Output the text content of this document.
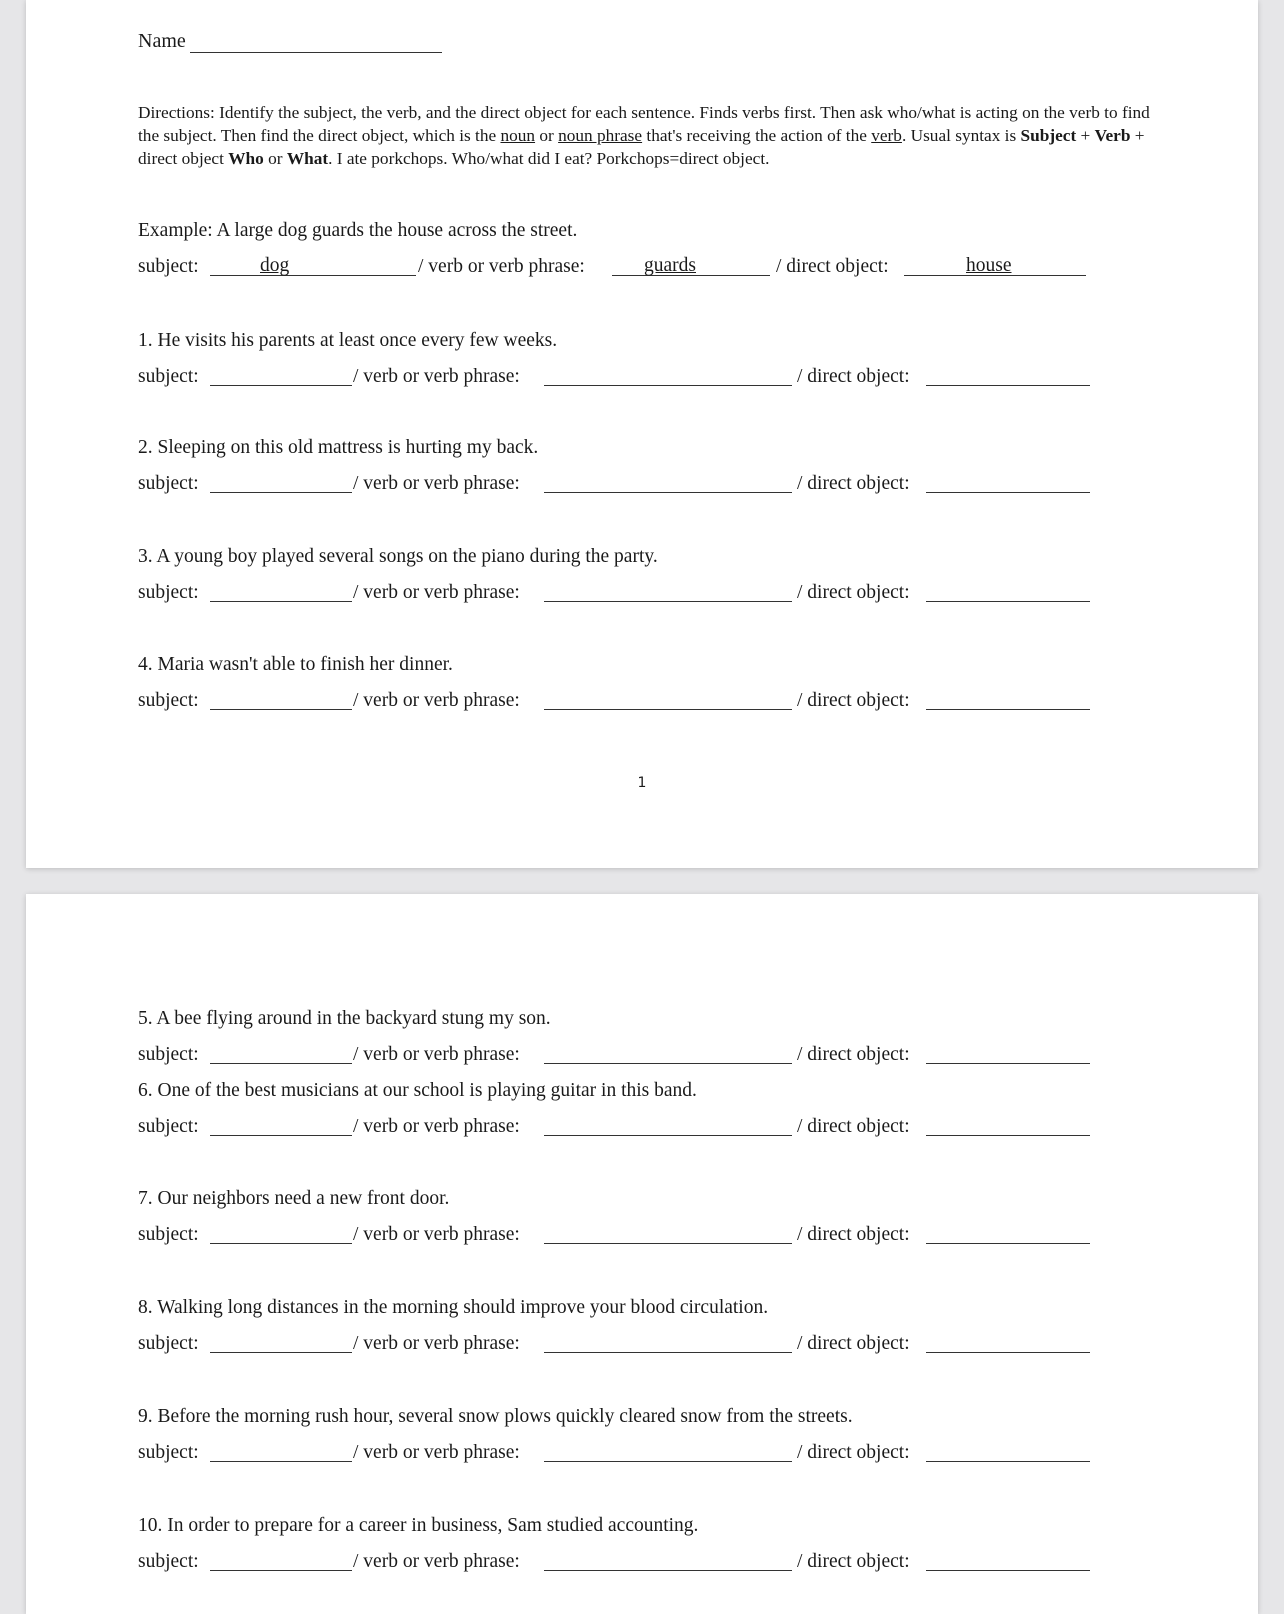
Name
Directions: Identify the subject, the verb, and the direct object for each sentence. Finds verbs first. Then ask who/what is acting on the verb to find the subject. Then find the direct object, which is the noun or noun phrase that's receiving the action of the verb. Usual syntax is Subject + Verb + direct object Who or What. I ate porkchops. Who/what did I eat? Porkchops=direct object.
Example: A large dog guards the house across the street.
subject:	dog	/ verb or verb phrase:	guards	/ direct object:	house
1. He visits his parents at least once every few weeks.
subject:	/ verb or verb phrase:	/ direct object:
2. Sleeping on this old mattress is hurting my back.
subject:	/ verb or verb phrase:	/ direct object:
3. A young boy played several songs on the piano during the party.
subject:	/ verb or verb phrase:	/ direct object:
4. Maria wasn't able to finish her dinner.
subject:	/ verb or verb phrase:	/ direct object:
1
5. A bee flying around in the backyard stung my son.
subject:	/ verb or verb phrase:	/ direct object:
6. One of the best musicians at our school is playing guitar in this band.
subject:	/ verb or verb phrase:	/ direct object:
7. Our neighbors need a new front door.
subject:	/ verb or verb phrase:	/ direct object:
8. Walking long distances in the morning should improve your blood circulation.
subject:	/ verb or verb phrase:	/ direct object:
9. Before the morning rush hour, several snow plows quickly cleared snow from the streets.
subject:	/ verb or verb phrase:	/ direct object:
10. In order to prepare for a career in business, Sam studied accounting.
subject:	/ verb or verb phrase:	/ direct object:
